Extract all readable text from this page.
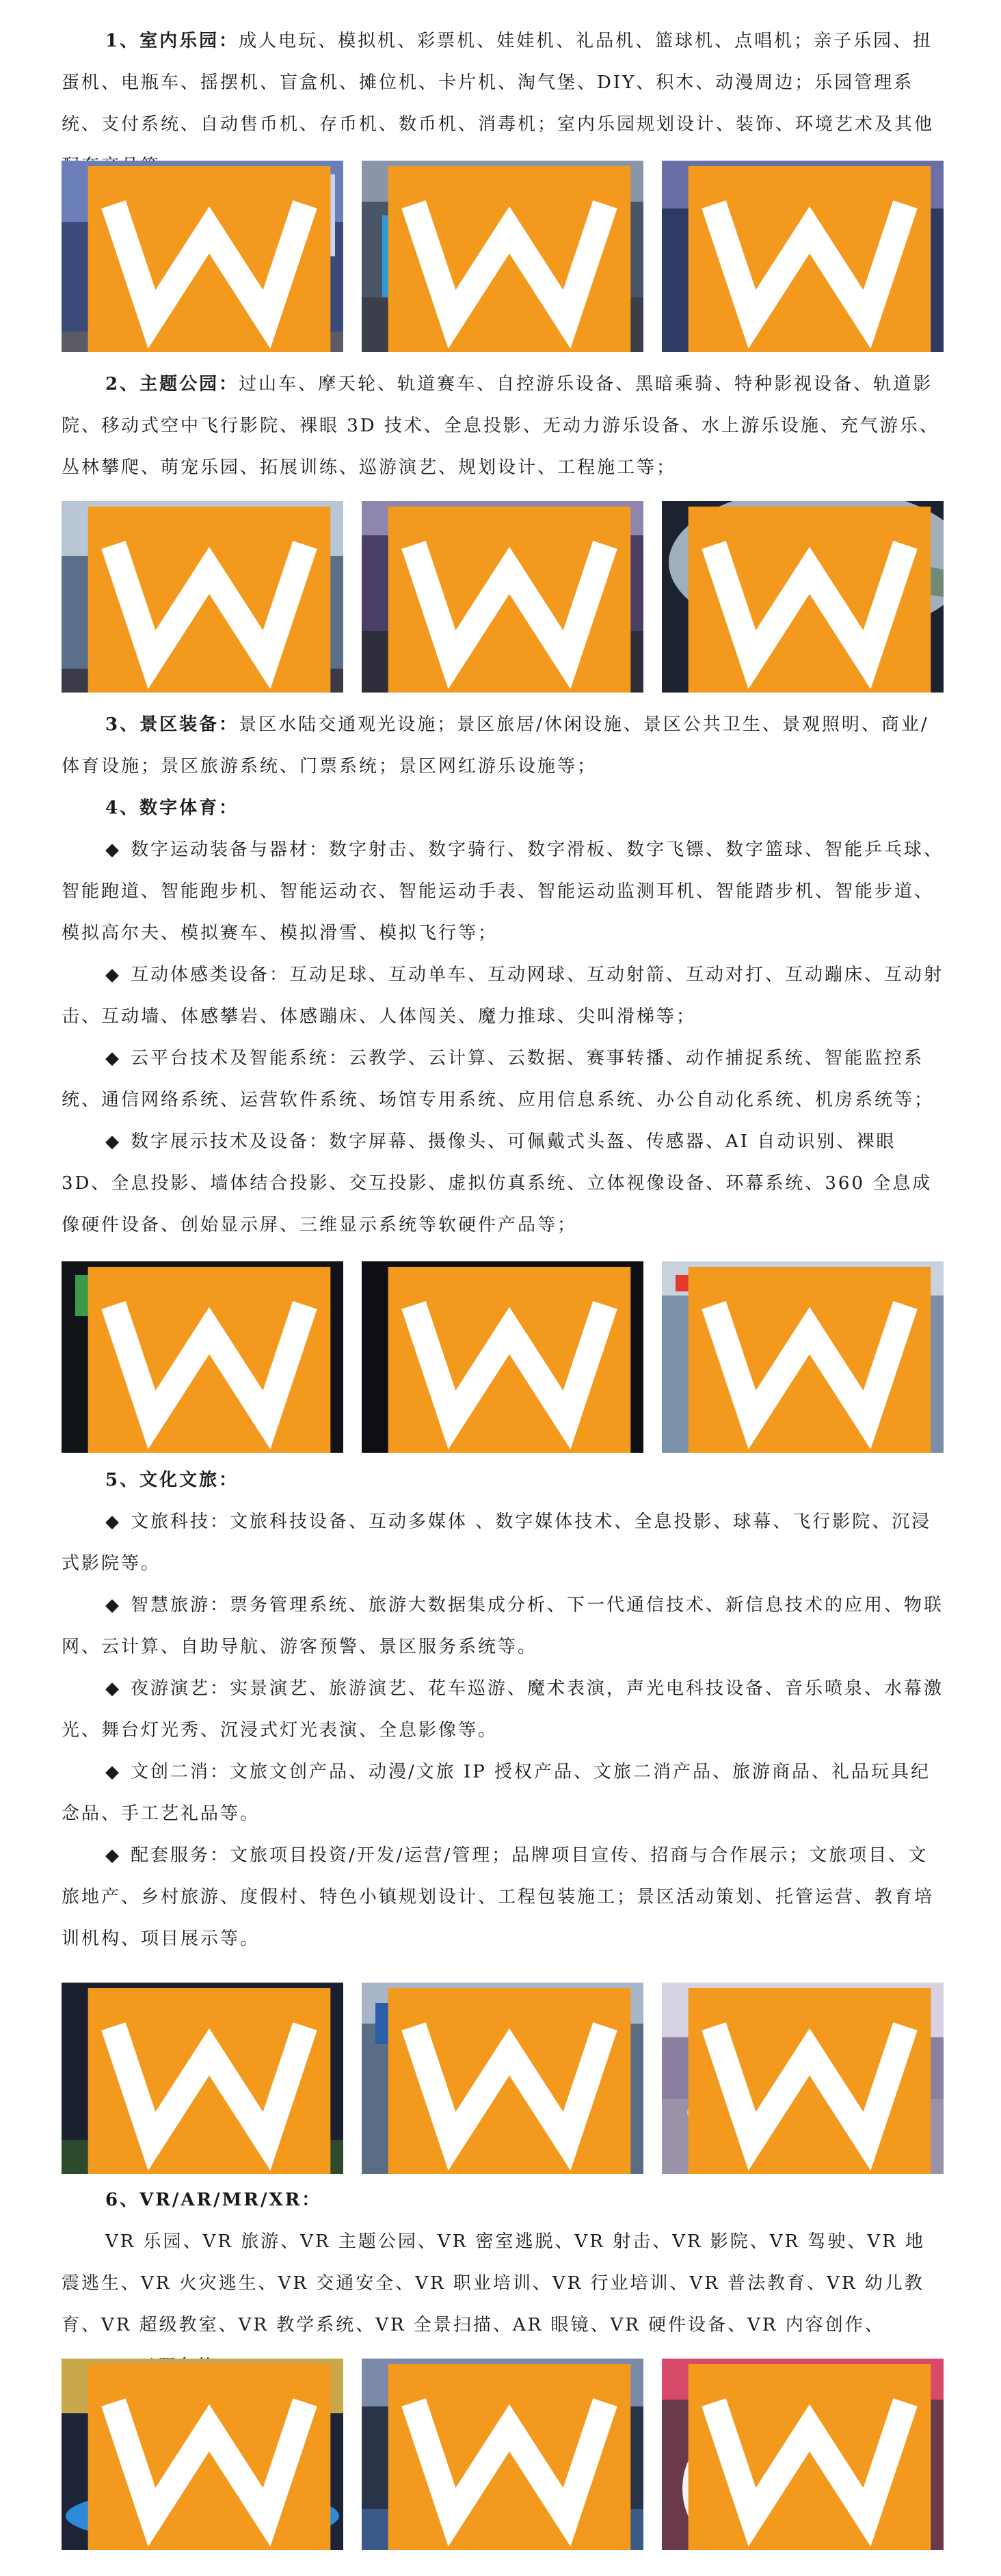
1、室内乐园：成人电玩、模拟机、彩票机、娃娃机、礼品机、篮球机、点唱机；亲子乐园、扭蛋机、电瓶车、摇摆机、盲盒机、摊位机、卡片机、淘气堡、DIY、积木、动漫周边；乐园管理系统、支付系统、自动售币机、存币机、数币机、消毒机；室内乐园规划设计、装饰、环境艺术及其他

2、主题公园：过山车、摩天轮、轨道赛车、自控游乐设备、黑暗乘骑、特种影视设备、轨道影院、移动式空中飞行影院、裸眼 3D 技术、全息投影、无动力游乐设备、水上游乐设施、充气游乐、丛林攀爬、萌宠乐园、拓展训练、巡游演艺、规划设计、工程施工等；

3、景区装备：景区水陆交通观光设施；景区旅居/休闲设施、景区公共卫生、景观照明、商业/体育设施；景区旅游系统、门票系统；景区网红游乐设施等；

4、数字体育：

◆ 数字运动装备与器材：数字射击、数字骑行、数字滑板、数字飞镖、数字篮球、智能乒乓球、智能跑道、智能跑步机、智能运动衣、智能运动手表、智能运动监测耳机、智能踏步机、智能步道、模拟高尔夫、模拟赛车、模拟滑雪、模拟飞行等；

◆ 互动体感类设备：互动足球、互动单车、互动网球、互动射箭、互动对打、互动蹦床、互动射击、互动墙、体感攀岩、体感蹦床、人体闯关、魔力推球、尖叫滑梯等；

◆ 云平台技术及智能系统：云教学、云计算、云数据、赛事转播、动作捕捉系统、智能监控系统、通信网络系统、运营软件系统、场馆专用系统、应用信息系统、办公自动化系统、机房系统等；

◆ 数字展示技术及设备：数字屏幕、摄像头、可佩戴式头盔、传感器、AI 自动识别、裸眼 3D、全息投影、墙体结合投影、交互投影、虚拟仿真系统、立体视像设备、环幕系统、360 全息成像硬件设备、创始显示屏、三维显示系统等软硬件产品等；

5、文化文旅：

◆ 文旅科技：文旅科技设备、互动多媒体 、数字媒体技术、全息投影、球幕、飞行影院、沉浸式影院等。

◆ 智慧旅游：票务管理系统、旅游大数据集成分析、下一代通信技术、新信息技术的应用、物联网、云计算、自助导航、游客预警、景区服务系统等。

◆ 夜游演艺：实景演艺、旅游演艺、花车巡游、魔术表演，声光电科技设备、音乐喷泉、水幕激光、舞台灯光秀、沉浸式灯光表演、全息影像等。

◆ 文创二消：文旅文创产品、动漫/文旅 IP 授权产品、文旅二消产品、旅游商品、礼品玩具纪念品、手工艺礼品等。

◆ 配套服务：文旅项目投资/开发/运营/管理；品牌项目宣传、招商与合作展示；文旅项目、文旅地产、乡村旅游、度假村、特色小镇规划设计、工程包装施工；景区活动策划、托管运营、教育培训机构、项目展示等。

6、VR/AR/MR/XR：

VR 乐园、VR 旅游、VR 主题公园、VR 密室逃脱、VR 射击、VR 影院、VR 驾驶、VR 地震逃生、VR 火灾逃生、VR 交通安全、VR 职业培训、VR 行业培训、VR 普法教育、VR 幼儿教育、VR 超级教室、VR 教学系统、VR 全景扫描、AR 眼镜、VR 硬件设备、VR 内容创作、
